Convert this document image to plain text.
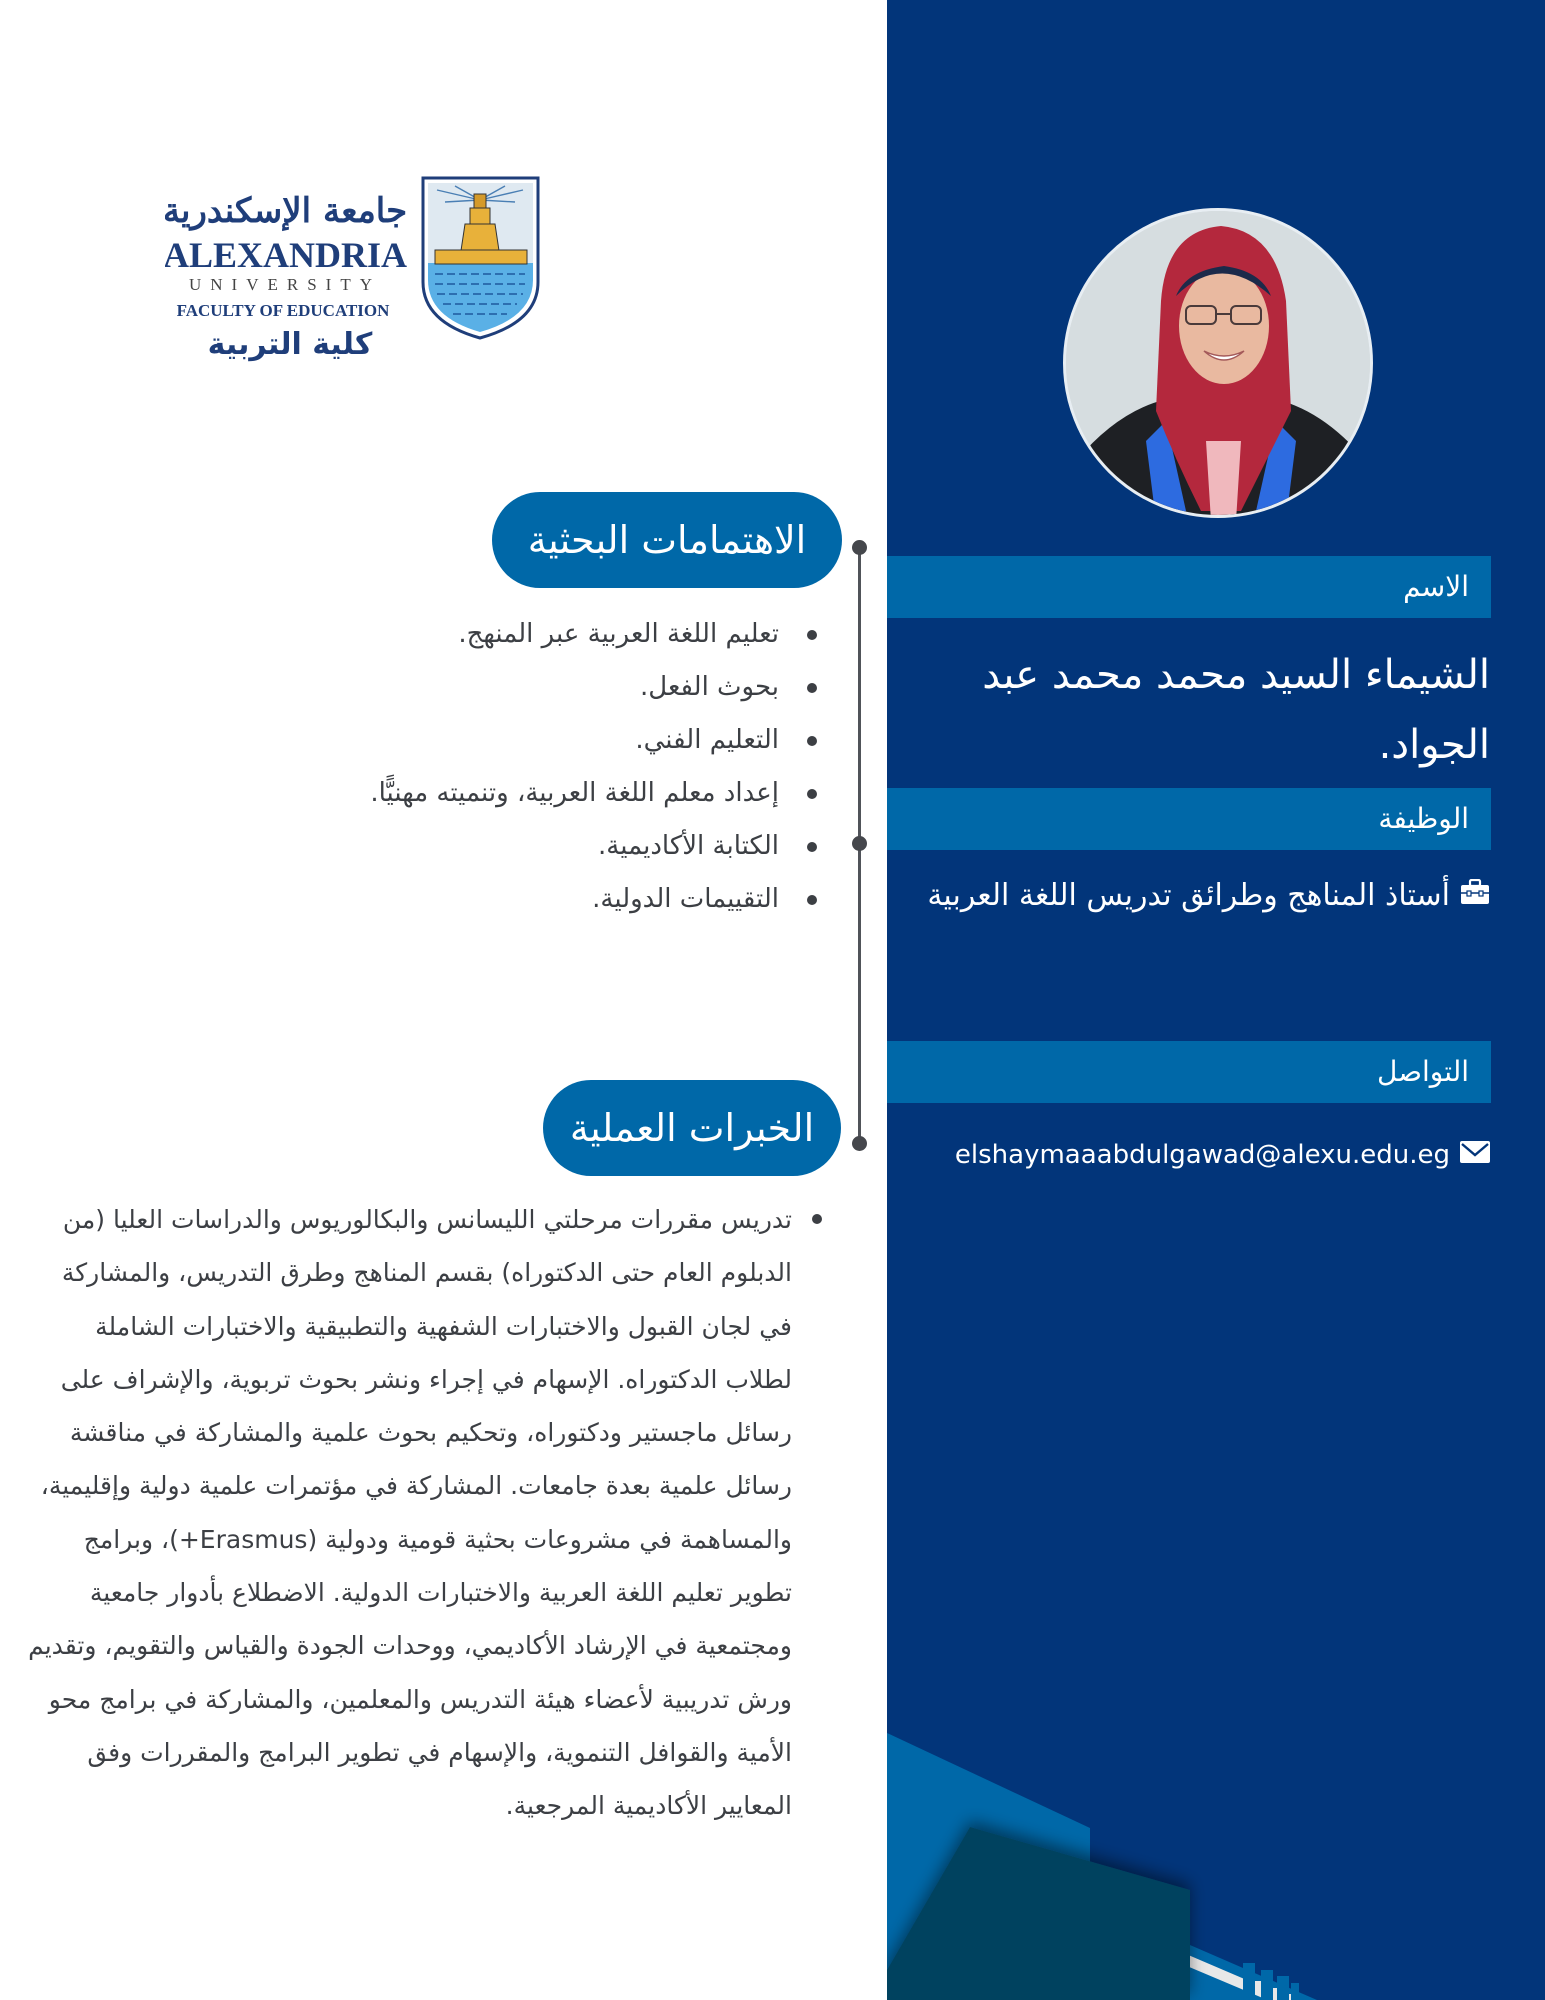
جامعة الإسكندرية
ALEXANDRIA
UNIVERSITY
FACULTY OF EDUCATION
كلية التربية
الاهتمامات البحثية
تعليم اللغة العربية عبر المنهج.
بحوث الفعل.
التعليم الفني.
إعداد معلم اللغة العربية، وتنميته مهنيًّا.
الكتابة الأكاديمية.
التقييمات الدولية.
الخبرات العملية
تدريس مقررات مرحلتي الليسانس والبكالوريوس والدراسات العليا (من الدبلوم العام حتى الدكتوراه) بقسم المناهج وطرق التدريس، والمشاركة في لجان القبول والاختبارات الشفهية والتطبيقية والاختبارات الشاملة لطلاب الدكتوراه. الإسهام في إجراء ونشر بحوث تربوية، والإشراف على رسائل ماجستير ودكتوراه، وتحكيم بحوث علمية والمشاركة في مناقشة رسائل علمية بعدة جامعات. المشاركة في مؤتمرات علمية دولية وإقليمية، والمساهمة في مشروعات بحثية قومية ودولية (Erasmus+)، وبرامج تطوير تعليم اللغة العربية والاختبارات الدولية. الاضطلاع بأدوار جامعية ومجتمعية في الإرشاد الأكاديمي، ووحدات الجودة والقياس والتقويم، وتقديم ورش تدريبية لأعضاء هيئة التدريس والمعلمين، والمشاركة في برامج محو الأمية والقوافل التنموية، والإسهام في تطوير البرامج والمقررات وفق المعايير الأكاديمية المرجعية.
الاسم
الشيماء السيد محمد محمد عبد الجواد.
الوظيفة
أستاذ المناهج وطرائق تدريس اللغة العربية
التواصل
elshaymaaabdulgawad@alexu.edu.eg
